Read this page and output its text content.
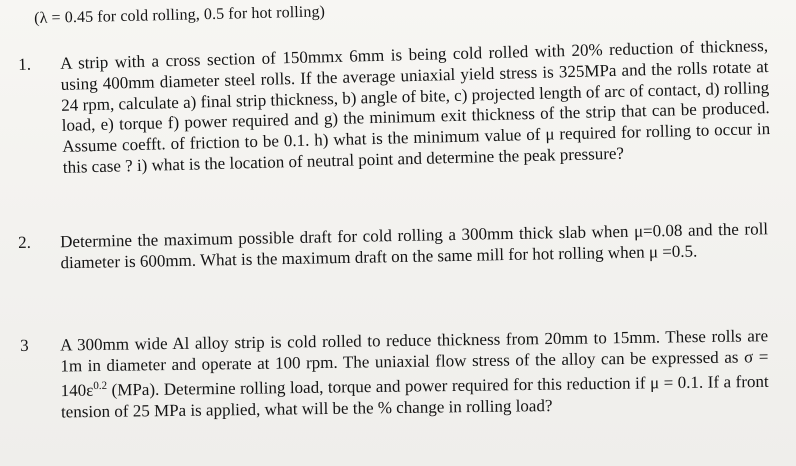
(λ = 0.45 for cold rolling, 0.5 for hot rolling)
1.	A strip with a cross section of 150mmx 6mm is being cold rolled with 20% reduction of thickness, using 400mm diameter steel rolls. If the average uniaxial yield stress is 325MPa and the rolls rotate at 24 rpm, calculate a) final strip thickness, b) angle of bite, c) projected length of arc of contact, d) rolling load, e) torque f) power required and g) the minimum exit thickness of the strip that can be produced. Assume coefft. of friction to be 0.1. h) what is the minimum value of μ required for rolling to occur in this case ? i) what is the location of neutral point and determine the peak pressure?
2.	Determine the maximum possible draft for cold rolling a 300mm thick slab when μ=0.08 and the roll diameter is 600mm. What is the maximum draft on the same mill for hot rolling when μ =0.5.
3	A 300mm wide Al alloy strip is cold rolled to reduce thickness from 20mm to 15mm. These rolls are 1m in diameter and operate at 100 rpm. The uniaxial flow stress of the alloy can be expressed as $\sigma = 140\varepsilon^{0.2}$ (MPa). Determine rolling load, torque and power required for this reduction if μ = 0.1. If a front tension of 25 MPa is applied, what will be the % change in rolling load?
